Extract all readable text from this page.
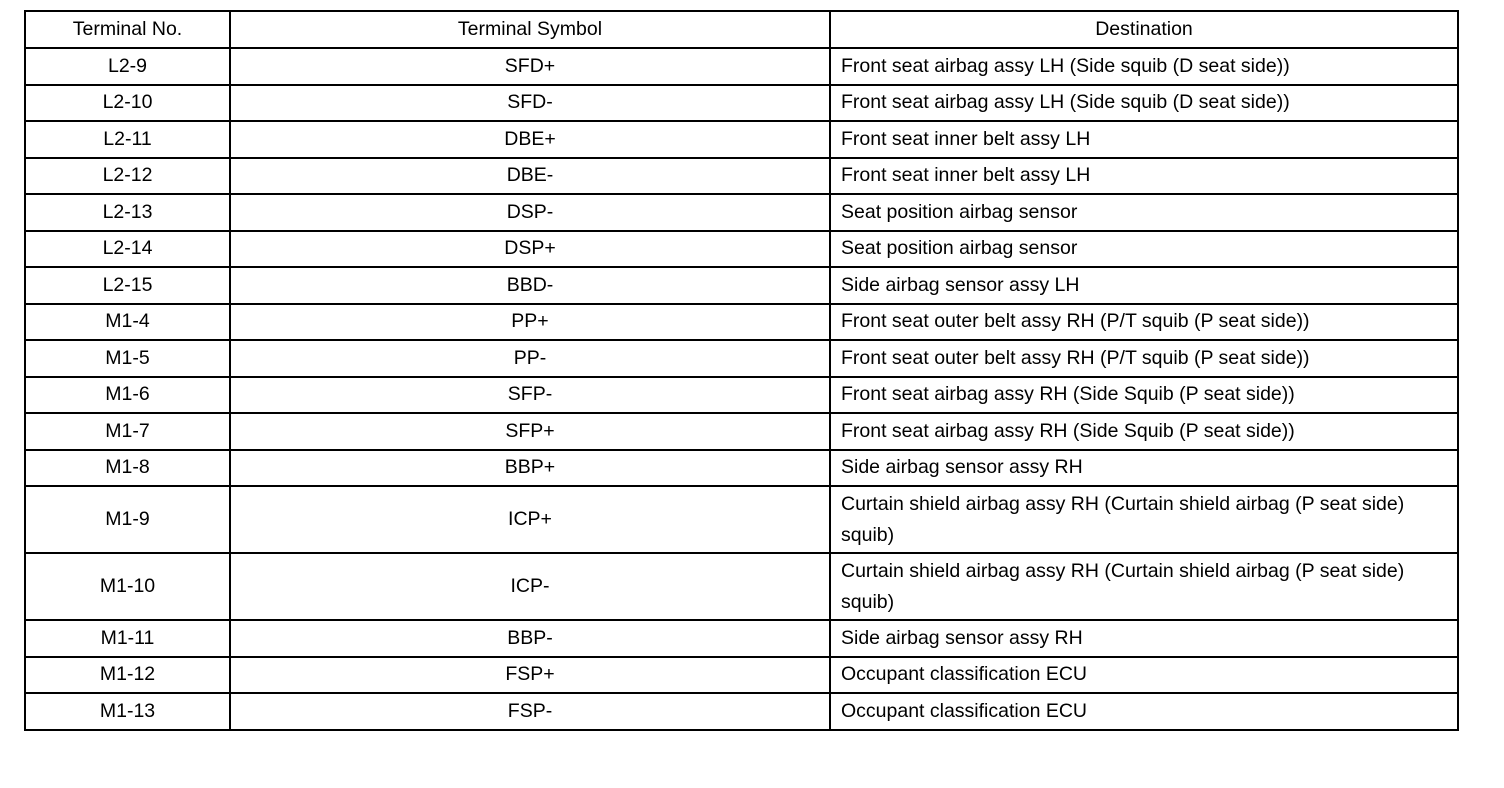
Terminal No.	Terminal Symbol	Destination
L2-9	SFD+	Front seat airbag assy LH (Side squib (D seat side))
L2-10	SFD-	Front seat airbag assy LH (Side squib (D seat side))
L2-11	DBE+	Front seat inner belt assy LH
L2-12	DBE-	Front seat inner belt assy LH
L2-13	DSP-	Seat position airbag sensor
L2-14	DSP+	Seat position airbag sensor
L2-15	BBD-	Side airbag sensor assy LH
M1-4	PP+	Front seat outer belt assy RH (P/T squib (P seat side))
M1-5	PP-	Front seat outer belt assy RH (P/T squib (P seat side))
M1-6	SFP-	Front seat airbag assy RH (Side Squib (P seat side))
M1-7	SFP+	Front seat airbag assy RH (Side Squib (P seat side))
M1-8	BBP+	Side airbag sensor assy RH
M1-9	ICP+	Curtain shield airbag assy RH (Curtain shield airbag (P seat side) squib)
M1-10	ICP-	Curtain shield airbag assy RH (Curtain shield airbag (P seat side) squib)
M1-11	BBP-	Side airbag sensor assy RH
M1-12	FSP+	Occupant classification ECU
M1-13	FSP-	Occupant classification ECU
